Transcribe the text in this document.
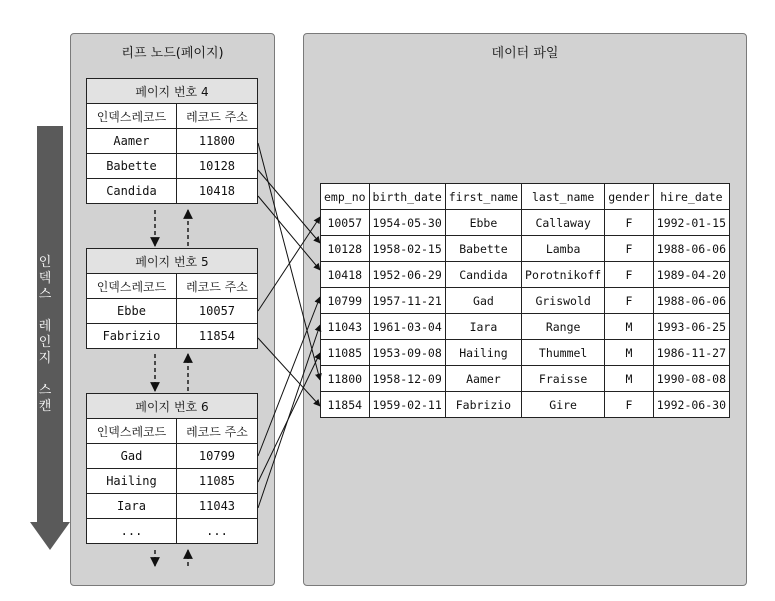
리프 노드(페이지)	데이터 파일
인
덱
스

레
인
지

스
캔
페이지 번호 4	
인덱스레코드	레코드 주소
Aamer	11800
Babette	10128
Candida	10418
페이지 번호 5	
인덱스레코드	레코드 주소
Ebbe	10057
Fabrizio	11854
페이지 번호 6	
인덱스레코드	레코드 주소
Gad	10799
Hailing	11085
Iara	11043
...	...
emp_no	birth_date	first_name	last_name	gender	hire_date
10057	1954-05-30	Ebbe	Callaway	F	1992-01-15
10128	1958-02-15	Babette	Lamba	F	1988-06-06
10418	1952-06-29	Candida	Porotnikoff	F	1989-04-20
10799	1957-11-21	Gad	Griswold	F	1988-06-06
11043	1961-03-04	Iara	Range	M	1993-06-25
11085	1953-09-08	Hailing	Thummel	M	1986-11-27
11800	1958-12-09	Aamer	Fraisse	M	1990-08-08
11854	1959-02-11	Fabrizio	Gire	F	1992-06-30
